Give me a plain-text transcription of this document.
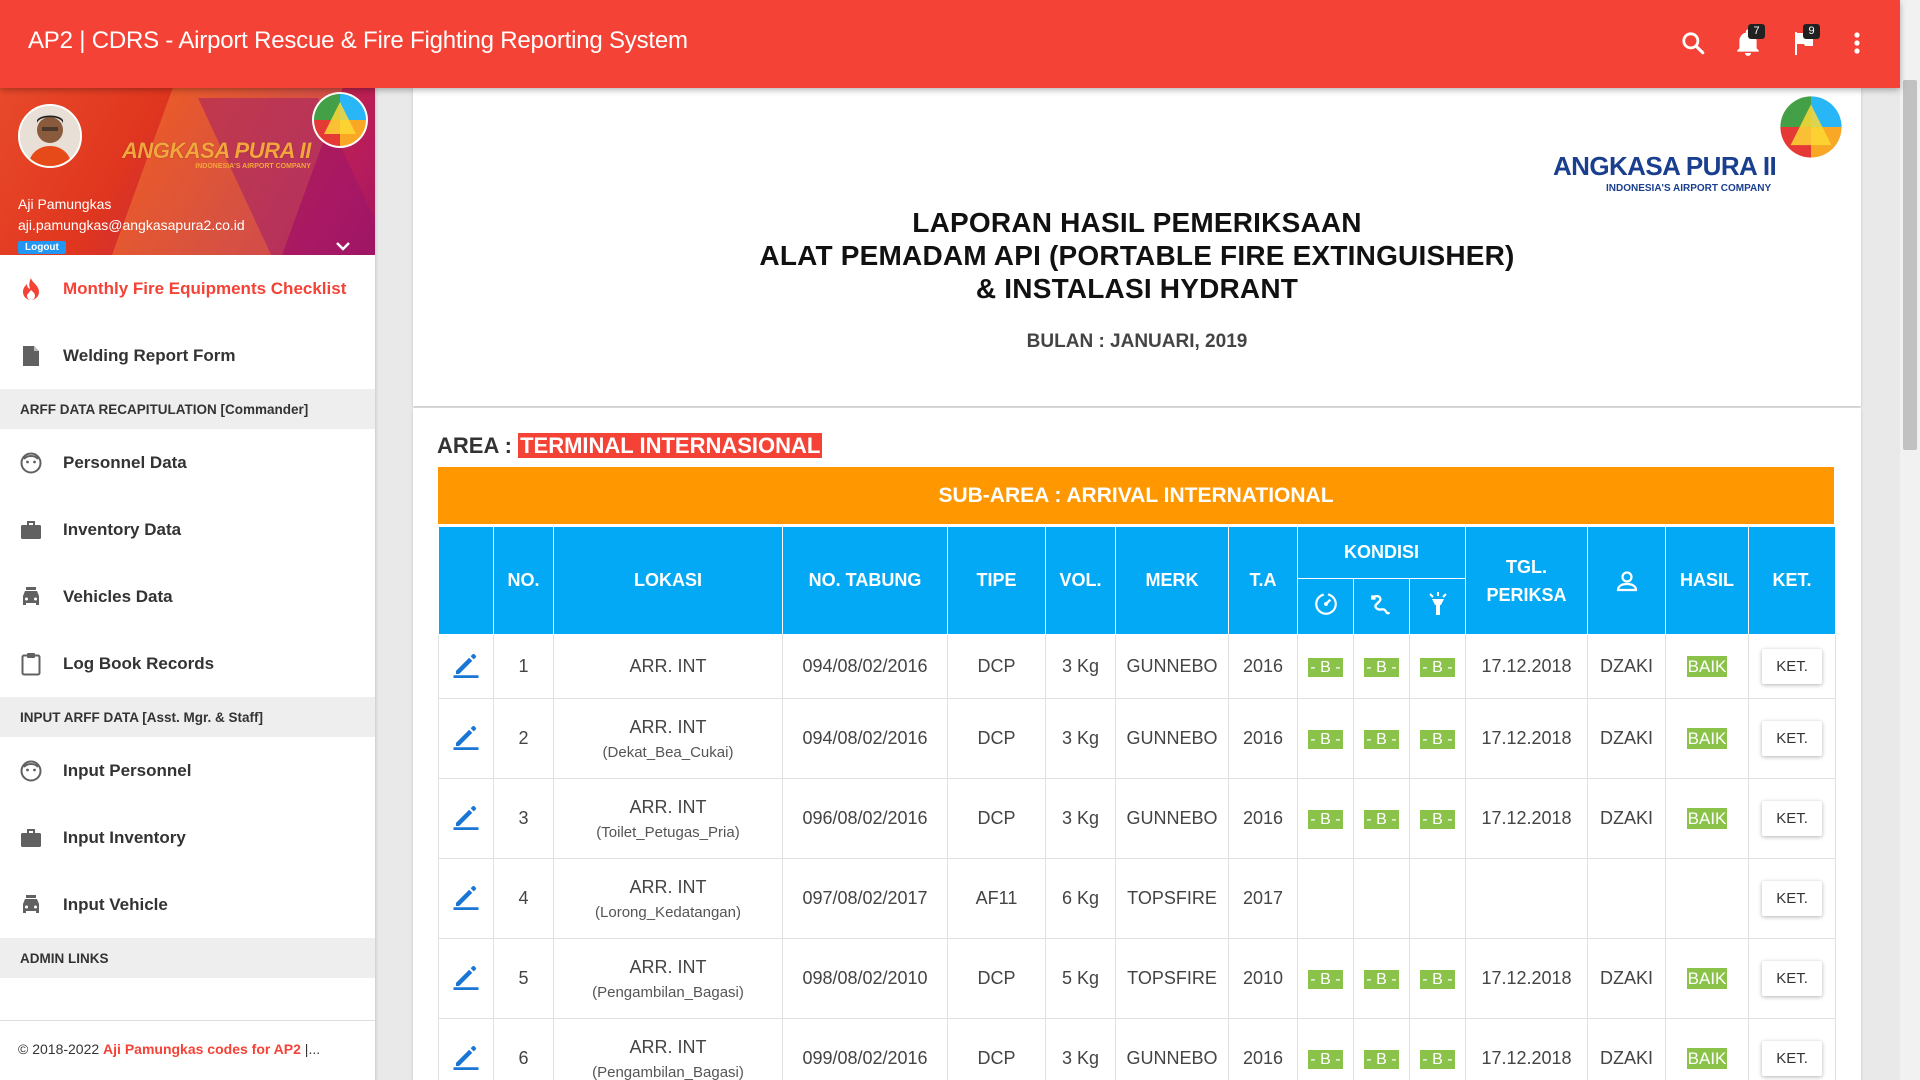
AP2 | CDRS - Airport Rescue & Fire Fighting Reporting System	7	9
ANGKASA PURA II
INDONESIA'S AIRPORT COMPANY
Aji Pamungkas
aji.pamungkas@angkasapura2.co.id
Logout
Monthly Fire Equipments Checklist
Welding Report Form
ARFF DATA RECAPITULATION [Commander]
Personnel Data
Inventory Data
Vehicles Data
Log Book Records
INPUT ARFF DATA [Asst. Mgr. & Staff]
Input Personnel
Input Inventory
Input Vehicle
ADMIN LINKS
© 2018-2022 Aji Pamungkas codes for AP2 |...
ANGKASA PURA II
INDONESIA'S AIRPORT COMPANY
LAPORAN HASIL PEMERIKSAAN
ALAT PEMADAM API (PORTABLE FIRE EXTINGUISHER)
& INSTALASI HYDRANT
BULAN : JANUARI, 2019
AREA : TERMINAL INTERNASIONAL
SUB-AREA : ARRIVAL INTERNATIONAL
	NO.	LOKASI	NO. TABUNG	TIPE	VOL.	MERK	T.A	KONDISI			TGL.
PERIKSA		HASIL	KET.

	1	ARR. INT	094/08/02/2016	DCP	3 Kg	GUNNEBO	2016	- B -	- B -	- B -	17.12.2018	DZAKI	BAIK	KET.
	2	ARR. INT
(Dekat_Bea_Cukai)	094/08/02/2016	DCP	3 Kg	GUNNEBO	2016	- B -	- B -	- B -	17.12.2018	DZAKI	BAIK	KET.
	3	ARR. INT
(Toilet_Petugas_Pria)	096/08/02/2016	DCP	3 Kg	GUNNEBO	2016	- B -	- B -	- B -	17.12.2018	DZAKI	BAIK	KET.
	4	ARR. INT
(Lorong_Kedatangan)	097/08/02/2017	AF11	6 Kg	TOPSFIRE	2017							KET.
	5	ARR. INT
(Pengambilan_Bagasi)	098/08/02/2010	DCP	5 Kg	TOPSFIRE	2010	- B -	- B -	- B -	17.12.2018	DZAKI	BAIK	KET.
	6	ARR. INT
(Pengambilan_Bagasi)	099/08/02/2016	DCP	3 Kg	GUNNEBO	2016	- B -	- B -	- B -	17.12.2018	DZAKI	BAIK	KET.
